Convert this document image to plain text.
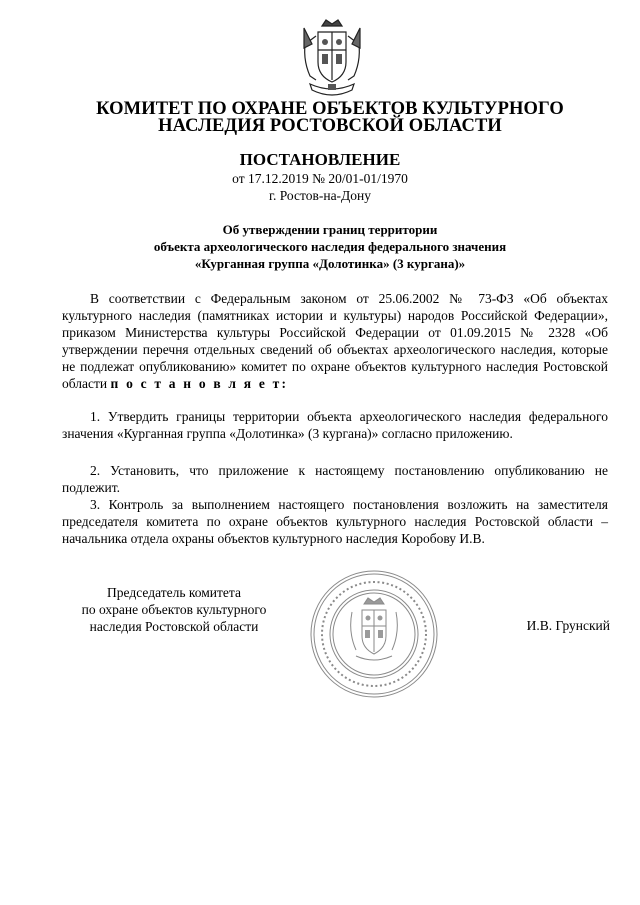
КОМИТЕТ ПО ОХРАНЕ ОБЪЕКТОВ КУЛЬТУРНОГО
НАСЛЕДИЯ РОСТОВСКОЙ ОБЛАСТИ
ПОСТАНОВЛЕНИЕ
от 17.12.2019 № 20/01-01/1970
г. Ростов-на-Дону
Об утверждении границ территории
объекта археологического наследия федерального значения
«Курганная группа «Долотинка» (3 кургана)»
В соответствии с Федеральным законом от 25.06.2002 № 73-ФЗ «Об объектах культурного наследия (памятниках истории и культуры) народов Российской Федерации», приказом Министерства культуры Российской Федерации от 01.09.2015 № 2328 «Об утверждении перечня отдельных сведений об объектах археологического наследия, которые не подлежат опубликованию» комитет по охране объектов культурного наследия Ростовской области п о с т а н о в л я е т:
1. Утвердить границы территории объекта археологического наследия федерального значения «Курганная группа «Долотинка» (3 кургана)» согласно приложению.
2. Установить, что приложение к настоящему постановлению опубликованию не подлежит.
3. Контроль за выполнением настоящего постановления возложить на заместителя председателя комитета по охране объектов культурного наследия Ростовской области – начальника отдела охраны объектов культурного наследия Коробову И.В.
Председатель комитета
по охране объектов культурного
наследия Ростовской области	И.В. Грунский
